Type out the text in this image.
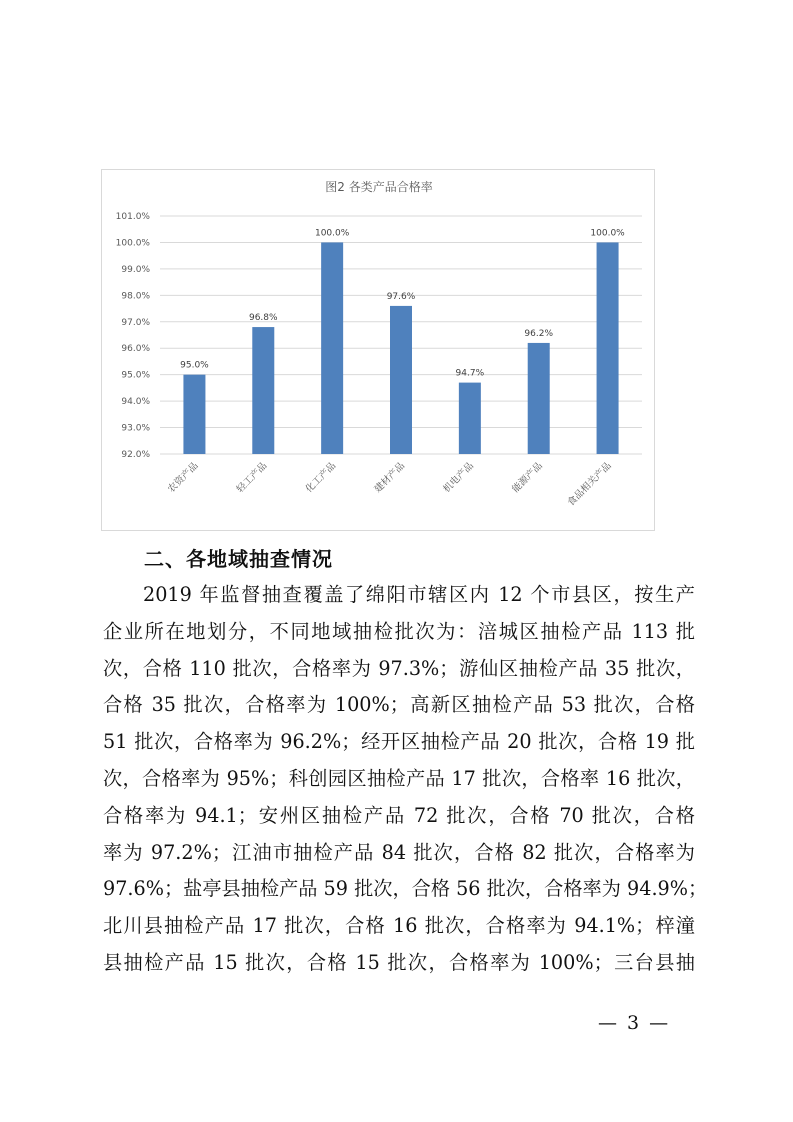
图2 各类产品合格率
92.0%
93.0%
94.0%
95.0%
96.0%
97.0%
98.0%
99.0%
100.0%
101.0%
95.0%
农资产品
96.8%
轻工产品
100.0%
化工产品
97.6%
建材产品
94.7%
机电产品
96.2%
能源产品
100.0%
食品相关产品
二、各地域抽查情况
2019 年监督抽查覆盖了绵阳市辖区内 12 个市县区，按生产
企业所在地划分，不同地域抽检批次为：涪城区抽检产品 113 批
次，合格 110 批次，合格率为 97.3%；游仙区抽检产品 35 批次，
合格 35 批次，合格率为 100%；高新区抽检产品 53 批次，合格
51 批次，合格率为 96.2%；经开区抽检产品 20 批次，合格 19 批
次，合格率为 95%；科创园区抽检产品 17 批次，合格率 16 批次，
合格率为 94.1；安州区抽检产品 72 批次，合格 70 批次，合格
率为 97.2%；江油市抽检产品 84 批次，合格 82 批次，合格率为
97.6%；盐亭县抽检产品 59 批次，合格 56 批次，合格率为 94.9%；
北川县抽检产品 17 批次，合格 16 批次，合格率为 94.1%；梓潼
县抽检产品 15 批次，合格 15 批次，合格率为 100%；三台县抽
— 3 —
